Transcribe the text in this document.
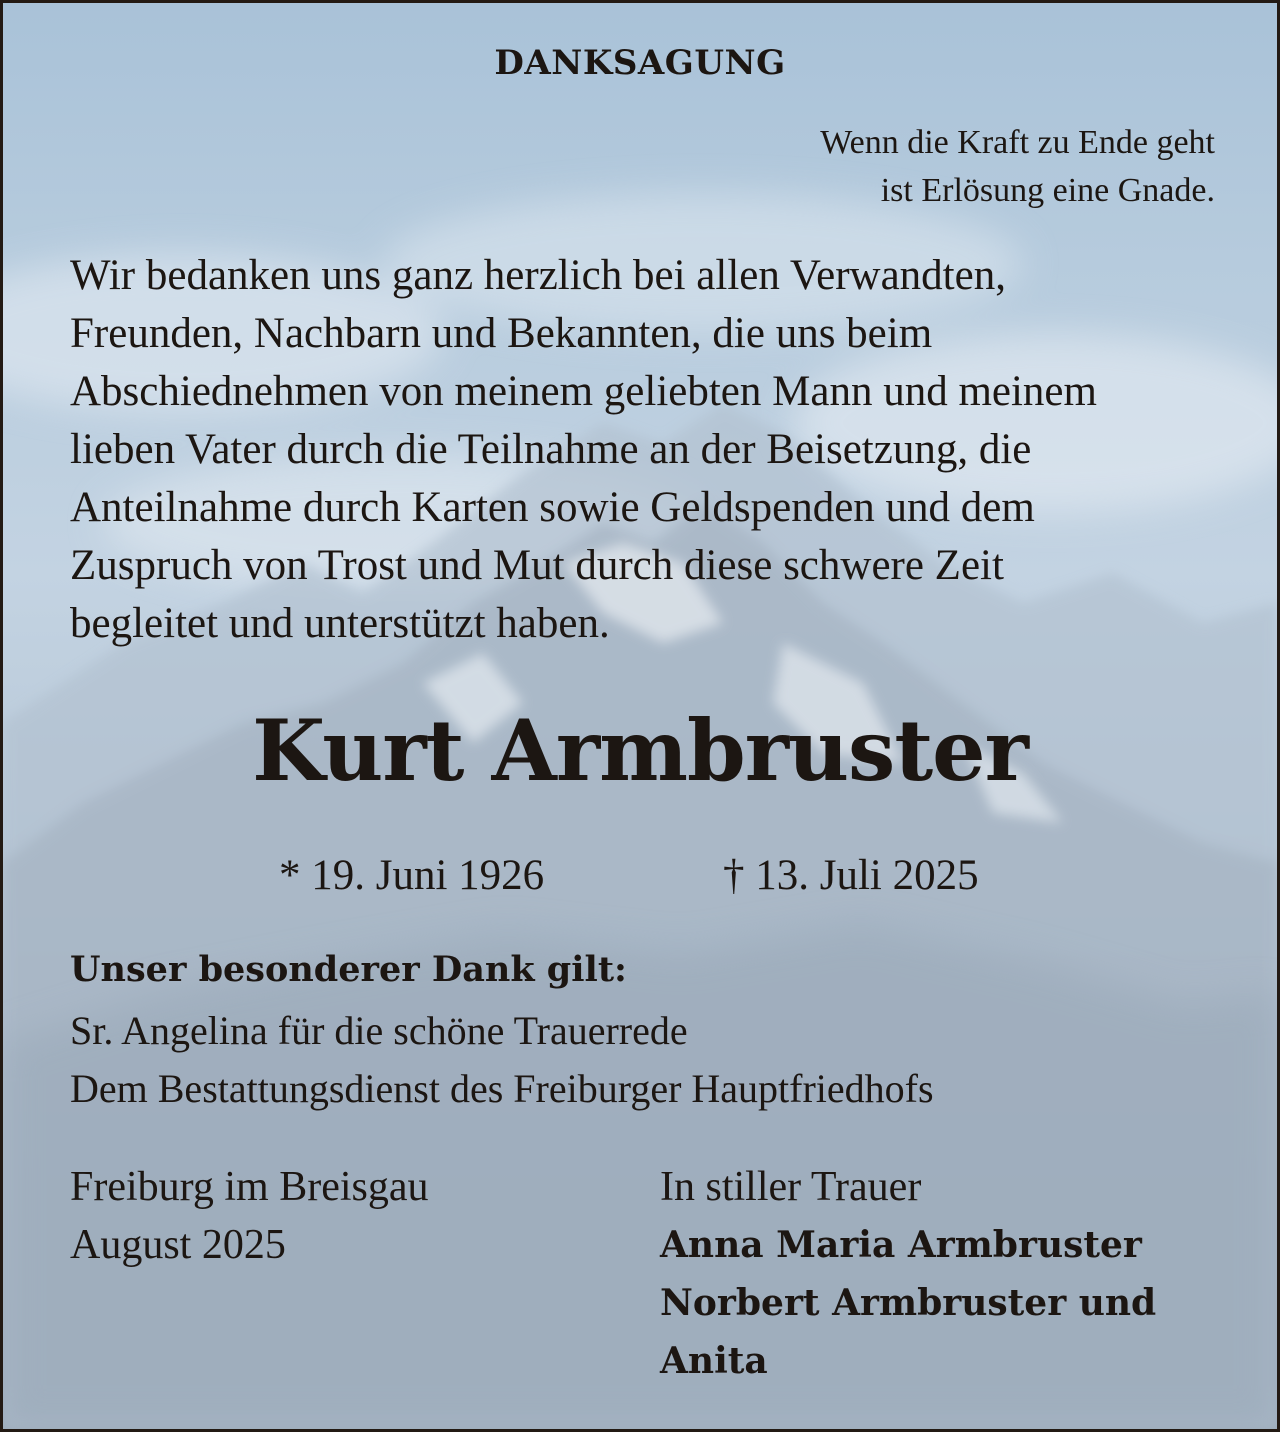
DANKSAGUNG
Wenn die Kraft zu Ende geht
ist Erlösung eine Gnade.
Wir bedanken uns ganz herzlich bei allen Verwandten,
Freunden, Nachbarn und Bekannten, die uns beim
Abschiednehmen von meinem geliebten Mann und meinem
lieben Vater durch die Teilnahme an der Beisetzung, die
Anteilnahme durch Karten sowie Geldspenden und dem
Zuspruch von Trost und Mut durch diese schwere Zeit
begleitet und unterstützt haben.
Kurt Armbruster
* 19. Juni 1926	† 13. Juli 2025
Unser besonderer Dank gilt:
Sr. Angelina für die schöne Trauerrede
Dem Bestattungsdienst des Freiburger Hauptfriedhofs
Freiburg im Breisgau
August 2025
In stiller Trauer
Anna Maria Armbruster
Norbert Armbruster und
Anita
